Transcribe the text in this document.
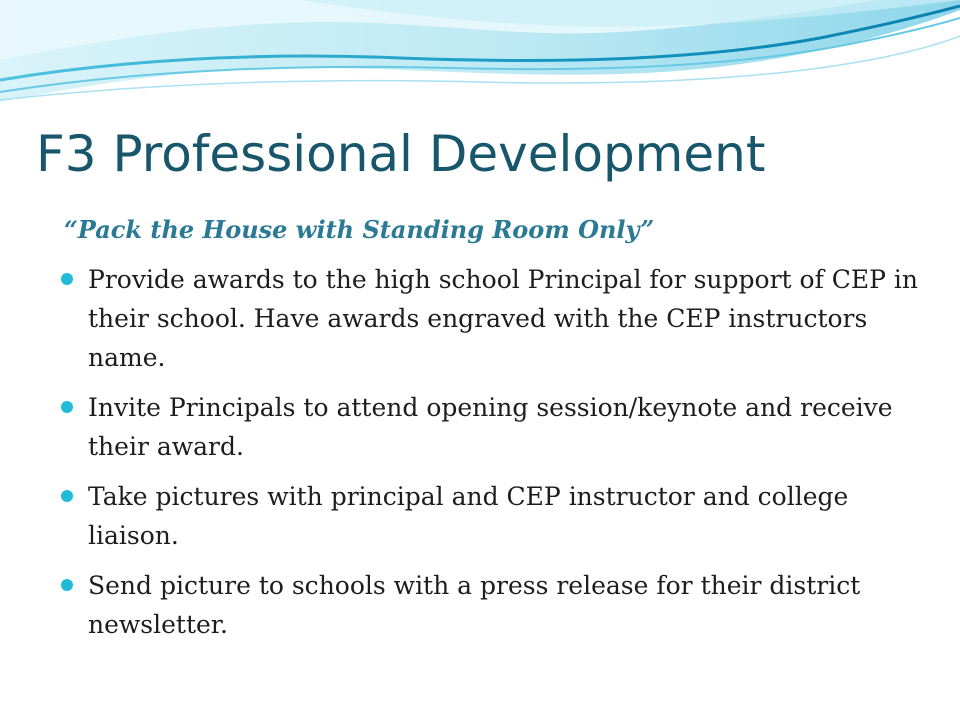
F3 Professional Development

“Pack the House with Standing Room Only”

Provide awards to the high school Principal for support of CEP in their school. Have awards engraved with the CEP instructors name.
Invite Principals to attend opening session/keynote and receive their award.
Take pictures with principal and CEP instructor and college liaison.
Send picture to schools with a press release for their district newsletter.
